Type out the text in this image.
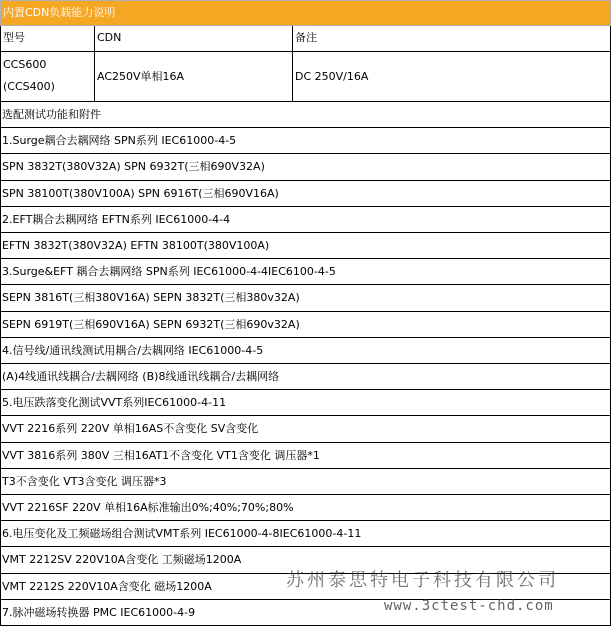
内置CDN负载能力说明
型号	CDN	备注
CCS600
(CCS400)
AC250V单相16A	DC 250V/16A
选配测试功能和附件
1.Surge耦合去耦网络 SPN系列 IEC61000-4-5
SPN 3832T(380V32A) SPN 6932T(三相690V32A)
SPN 38100T(380V100A) SPN 6916T(三相690V16A)
2.EFT耦合去耦网络 EFTN系列 IEC61000-4-4
EFTN 3832T(380V32A) EFTN 38100T(380V100A)
3.Surge&EFT 耦合去耦网络 SPN系列 IEC61000-4-4IEC6100-4-5
SEPN 3816T(三相380V16A) SEPN 3832T(三相380v32A)
SEPN 6919T(三相690V16A) SEPN 6932T(三相690v32A)
4.信号线/通讯线测试用耦合/去耦网络 IEC61000-4-5
(A)4线通讯线耦合/去耦网络 (B)8线通讯线耦合/去耦网络
5.电压跌落变化测试VVT系列IEC61000-4-11
VVT 2216系列 220V 单相16AS不含变化 SV含变化
VVT 3816系列 380V 三相16AT1不含变化 VT1含变化 调压器*1
T3不含变化 VT3含变化 调压器*3
VVT 2216SF 220V 单相16A标准输出0%;40%;70%;80%
6.电压变化及工频磁场组合测试VMT系列 IEC61000-4-8IEC61000-4-11
VMT 2212SV 220V10A含变化 工频磁场1200A
VMT 2212S 220V10A含变化 磁场1200A
7.脉冲磁场转换器 PMC IEC61000-4-9
苏州泰思特电子科技有限公司
www.3ctest-chd.com
